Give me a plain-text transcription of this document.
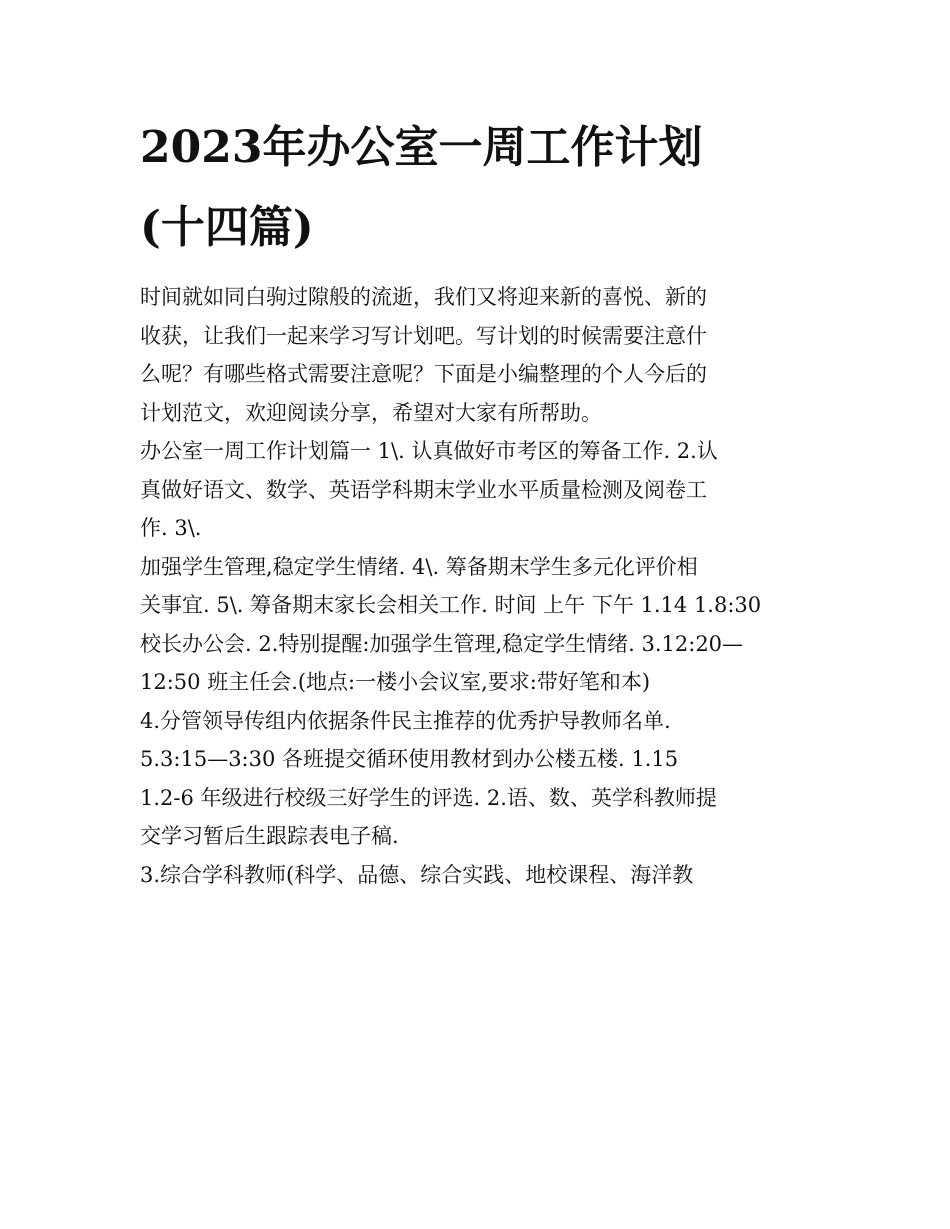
2023年办公室一周工作计划
(十四篇)

时间就如同白驹过隙般的流逝，我们又将迎来新的喜悦、新的
收获，让我们一起来学习写计划吧。写计划的时候需要注意什
么呢？有哪些格式需要注意呢？下面是小编整理的个人今后的
计划范文，欢迎阅读分享，希望对大家有所帮助。

办公室一周工作计划篇一 1\. 认真做好市考区的筹备工作. 2.认
真做好语文、数学、英语学科期末学业水平质量检测及阅卷工
作. 3\.

加强学生管理,稳定学生情绪. 4\. 筹备期末学生多元化评价相
关事宜. 5\. 筹备期末家长会相关工作. 时间 上午 下午 1.14 1.8:30
校长办公会. 2.特别提醒:加强学生管理,稳定学生情绪. 3.12:20—
12:50 班主任会.(地点:一楼小会议室,要求:带好笔和本)

4.分管领导传组内依据条件民主推荐的优秀护导教师名单.

5.3:15—3:30 各班提交循环使用教材到办公楼五楼. 1.15

1.2-6 年级进行校级三好学生的评选. 2.语、数、英学科教师提
交学习暂后生跟踪表电子稿.

3.综合学科教师(科学、品德、综合实践、地校课程、海洋教
